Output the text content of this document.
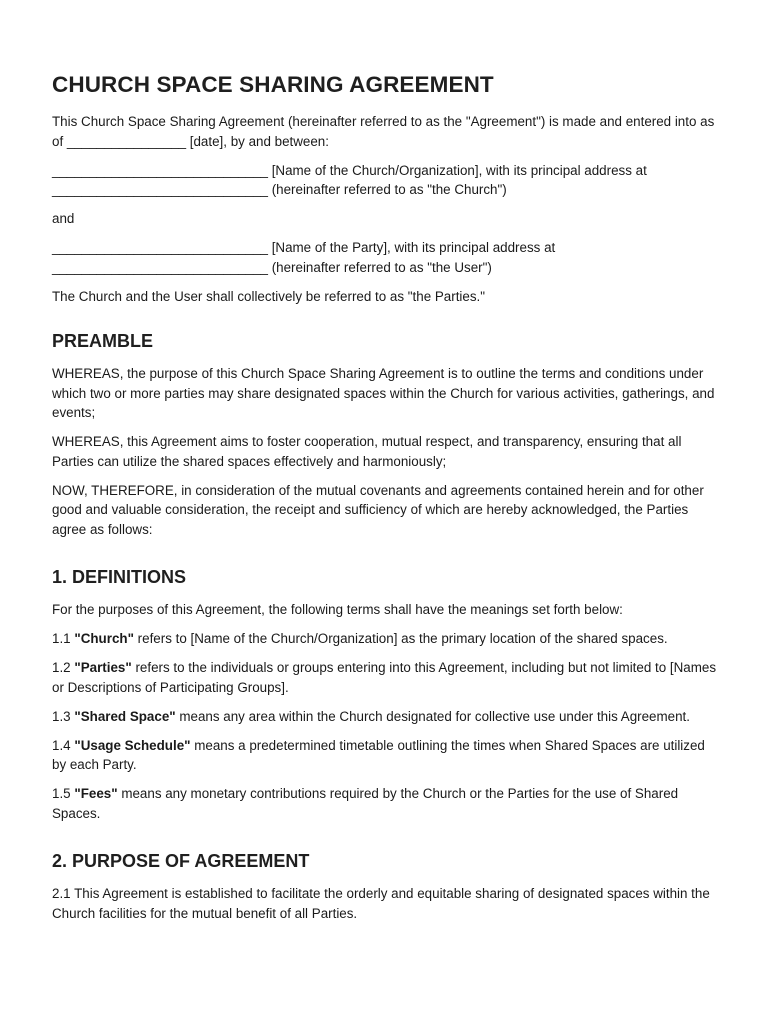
CHURCH SPACE SHARING AGREEMENT

This Church Space Sharing Agreement (hereinafter referred to as the "Agreement") is made and entered into as of ________________ [date], by and between:

_____________________________ [Name of the Church/Organization], with its principal address at _____________________________ (hereinafter referred to as "the Church")

and

_____________________________ [Name of the Party], with its principal address at _____________________________ (hereinafter referred to as "the User")

The Church and the User shall collectively be referred to as "the Parties."

PREAMBLE

WHEREAS, the purpose of this Church Space Sharing Agreement is to outline the terms and conditions under which two or more parties may share designated spaces within the Church for various activities, gatherings, and events;

WHEREAS, this Agreement aims to foster cooperation, mutual respect, and transparency, ensuring that all Parties can utilize the shared spaces effectively and harmoniously;

NOW, THEREFORE, in consideration of the mutual covenants and agreements contained herein and for other good and valuable consideration, the receipt and sufficiency of which are hereby acknowledged, the Parties agree as follows:

1. DEFINITIONS

For the purposes of this Agreement, the following terms shall have the meanings set forth below:

1.1 "Church" refers to [Name of the Church/Organization] as the primary location of the shared spaces.

1.2 "Parties" refers to the individuals or groups entering into this Agreement, including but not limited to [Names or Descriptions of Participating Groups].

1.3 "Shared Space" means any area within the Church designated for collective use under this Agreement.

1.4 "Usage Schedule" means a predetermined timetable outlining the times when Shared Spaces are utilized by each Party.

1.5 "Fees" means any monetary contributions required by the Church or the Parties for the use of Shared Spaces.

2. PURPOSE OF AGREEMENT

2.1 This Agreement is established to facilitate the orderly and equitable sharing of designated spaces within the Church facilities for the mutual benefit of all Parties.
